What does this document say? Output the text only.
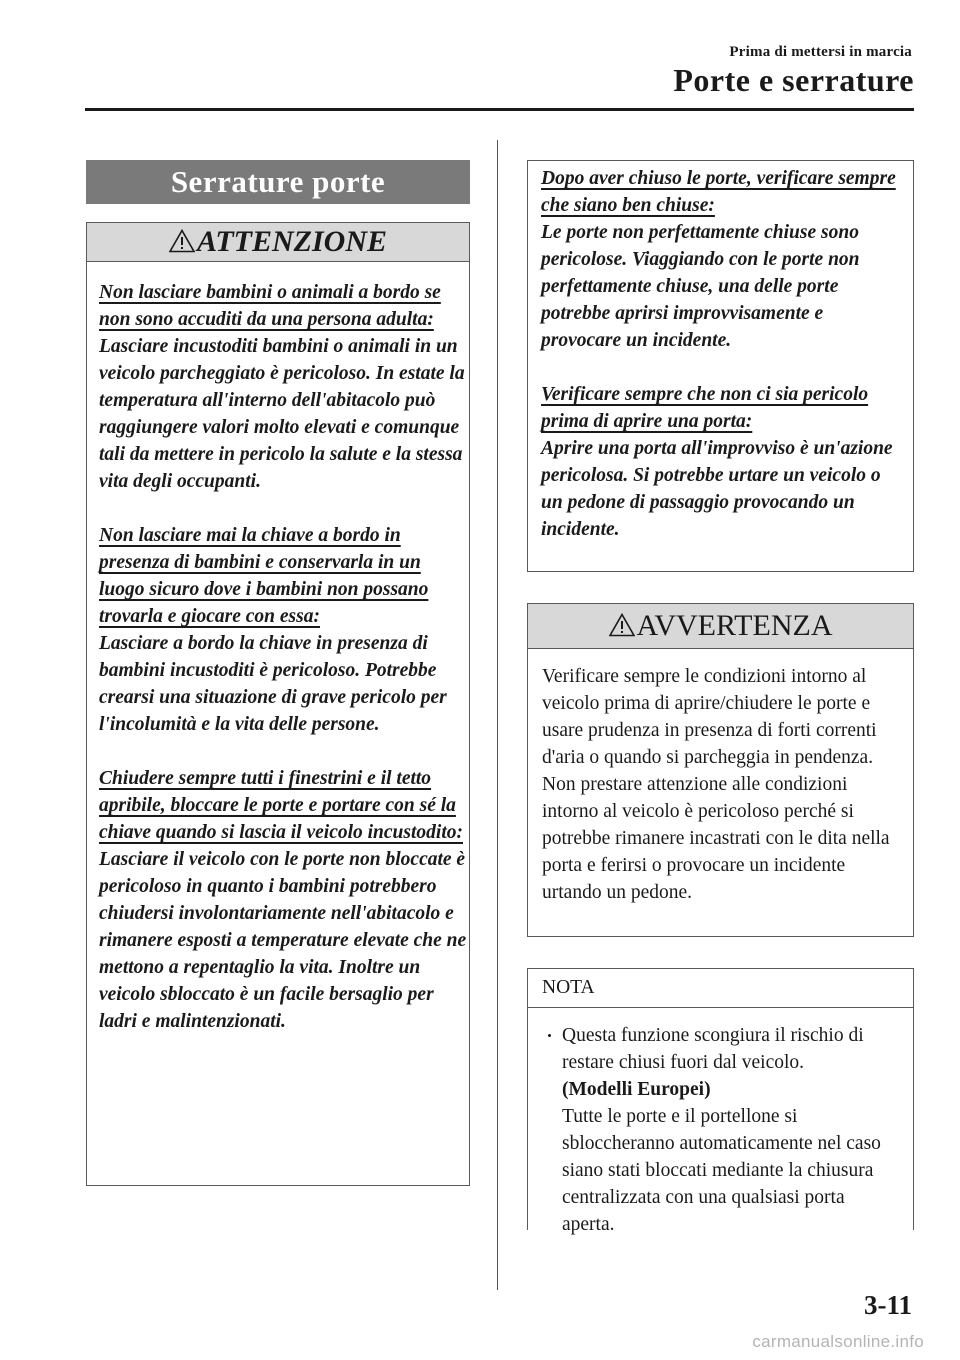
Prima di mettersi in marcia
Porte e serrature
Serrature porte
ATTENZIONE
Non lasciare bambini o animali a bordo se non sono accuditi da una persona adulta:
Lasciare incustoditi bambini o animali in un veicolo parcheggiato è pericoloso. In estate la temperatura all'interno dell'abitacolo può raggiungere valori molto elevati e comunque tali da mettere in pericolo la salute e la stessa vita degli occupanti.
Non lasciare mai la chiave a bordo in presenza di bambini e conservarla in un luogo sicuro dove i bambini non possano trovarla e giocare con essa:
Lasciare a bordo la chiave in presenza di bambini incustoditi è pericoloso. Potrebbe crearsi una situazione di grave pericolo per l'incolumità e la vita delle persone.
Chiudere sempre tutti i finestrini e il tetto apribile, bloccare le porte e portare con sé la chiave quando si lascia il veicolo incustodito:
Lasciare il veicolo con le porte non bloccate è pericoloso in quanto i bambini potrebbero chiudersi involontariamente nell'abitacolo e rimanere esposti a temperature elevate che ne mettono a repentaglio la vita. Inoltre un veicolo sbloccato è un facile bersaglio per ladri e malintenzionati.
Dopo aver chiuso le porte, verificare sempre che siano ben chiuse:
Le porte non perfettamente chiuse sono pericolose. Viaggiando con le porte non perfettamente chiuse, una delle porte potrebbe aprirsi improvvisamente e provocare un incidente.
Verificare sempre che non ci sia pericolo prima di aprire una porta:
Aprire una porta all'improvviso è un'azione pericolosa. Si potrebbe urtare un veicolo o un pedone di passaggio provocando un incidente.
AVVERTENZA
Verificare sempre le condizioni intorno al veicolo prima di aprire/chiudere le porte e usare prudenza in presenza di forti correnti d'aria o quando si parcheggia in pendenza. Non prestare attenzione alle condizioni intorno al veicolo è pericoloso perché si potrebbe rimanere incastrati con le dita nella porta e ferirsi o provocare un incidente urtando un pedone.
NOTA
Questa funzione scongiura il rischio di restare chiusi fuori dal veicolo.
(Modelli Europei)
Tutte le porte e il portellone si sbloccheranno automaticamente nel caso siano stati bloccati mediante la chiusura centralizzata con una qualsiasi porta aperta.
3-11
carmanualsonline.info
